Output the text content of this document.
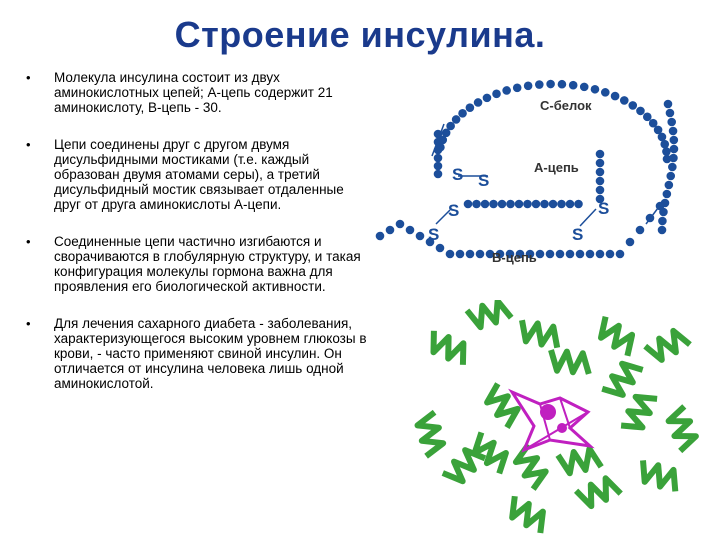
Строение инсулина.
• Молекула инсулина состоит из двух аминокислотных цепей; А-цепь содержит 21 аминокислоту, В-цепь - 30.
• Цепи соединены друг с другом двумя дисульфидными мостиками (т.е. каждый образован двумя атомами серы), а третий дисульфидный мостик связывает отдаленные друг от друга аминокислоты А-цепи.
• Соединенные цепи частично изгибаются и сворачиваются в глобулярную структуру, и такая конфигурация молекулы гормона важна для проявления его биологической активности.
• Для лечения сахарного диабета - заболевания, характеризующегося высоким уровнем глюкозы в крови, - часто применяют свиной инсулин. Он отличается от инсулина человека лишь одной аминокислотой.
С-белок
А-цепь
В-цепь
S S
S
S
S
S
